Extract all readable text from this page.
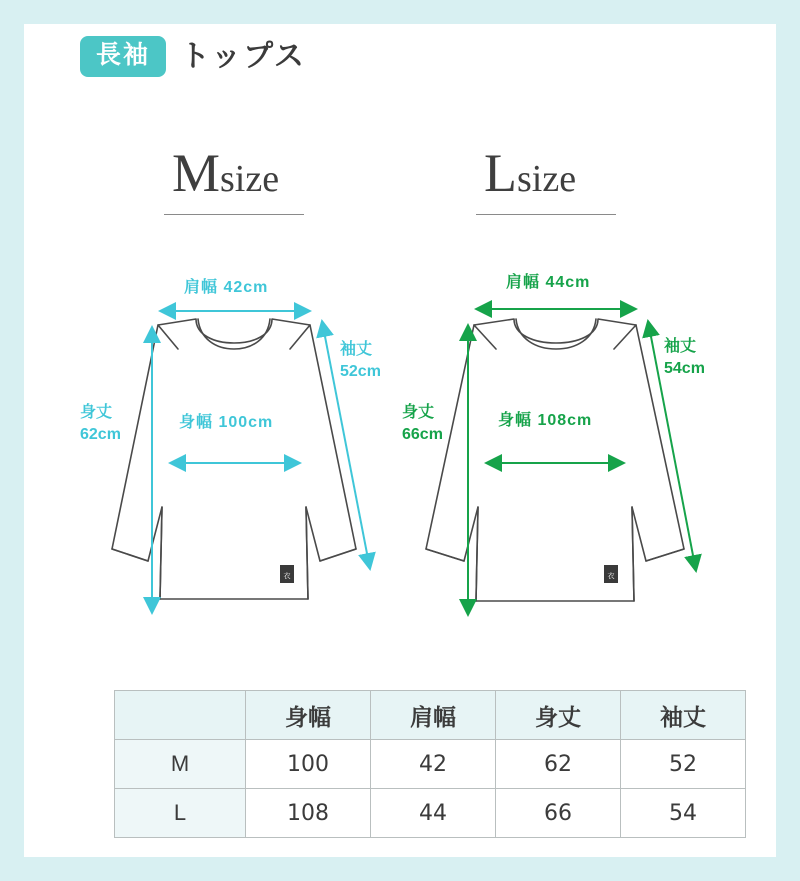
長袖	トップス
Msize	Lsize
衣
肩幅 42cm
袖丈
52cm
身幅 100cm
身丈
62cm
衣
肩幅 44cm
袖丈
54cm
身幅 108cm
身丈
66cm
	身幅	肩幅	身丈	袖丈
M	100	42	62	52
L	108	44	66	54
